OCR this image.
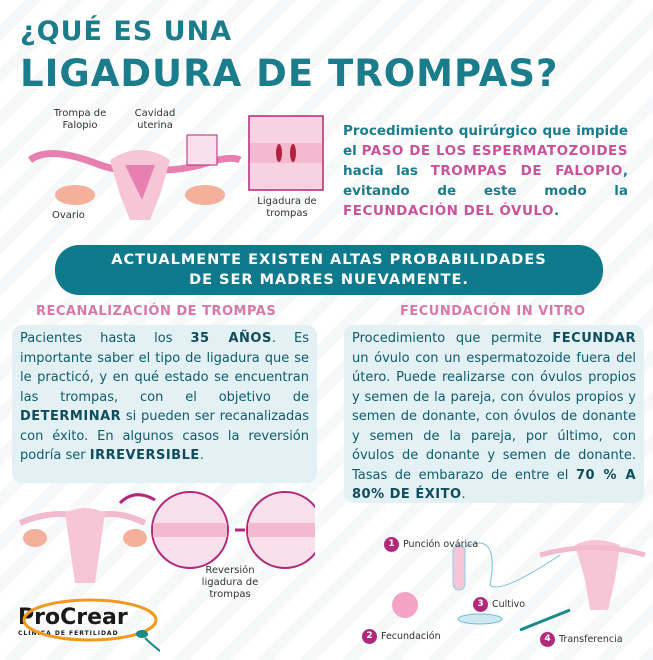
¿QUÉ ES UNA
LIGADURA DE TROMPAS?
Trompa de Falopio
Cavidad uterina
Ovario
Ligadura de trompas
Procedimiento quirúrgico que impide el PASO DE LOS ESPERMATOZOIDES hacia las TROMPAS DE FALOPIO, evitando de este modo la FECUNDACIÓN DEL ÓVULO.
ACTUALMENTE EXISTEN ALTAS PROBABILIDADES
DE SER MADRES NUEVAMENTE.
RECANALIZACIÓN DE TROMPAS
Pacientes hasta los 35 AÑOS. Es importante saber el tipo de ligadura que se le practicó, y en qué estado se encuentran las trompas, con el objetivo de DETERMINAR si pueden ser recanalizadas con éxito. En algunos casos la reversión podría ser IRREVERSIBLE.
FECUNDACIÓN IN VITRO
Procedimiento que permite FECUNDAR un óvulo con un espermatozoide fuera del útero. Puede realizarse con óvulos propios y semen de la pareja, con óvulos propios y semen de donante, con óvulos de donante y semen de la pareja, por último, con óvulos de donante y semen de donante. Tasas de embarazo de entre el 70 % A 80% DE ÉXITO.
Reversión ligadura de trompas
ProCrear
CLINICA DE FERTILIDAD
1 Punción ovárica
2 Fecundación
3 Cultivo
4 Transferencia
